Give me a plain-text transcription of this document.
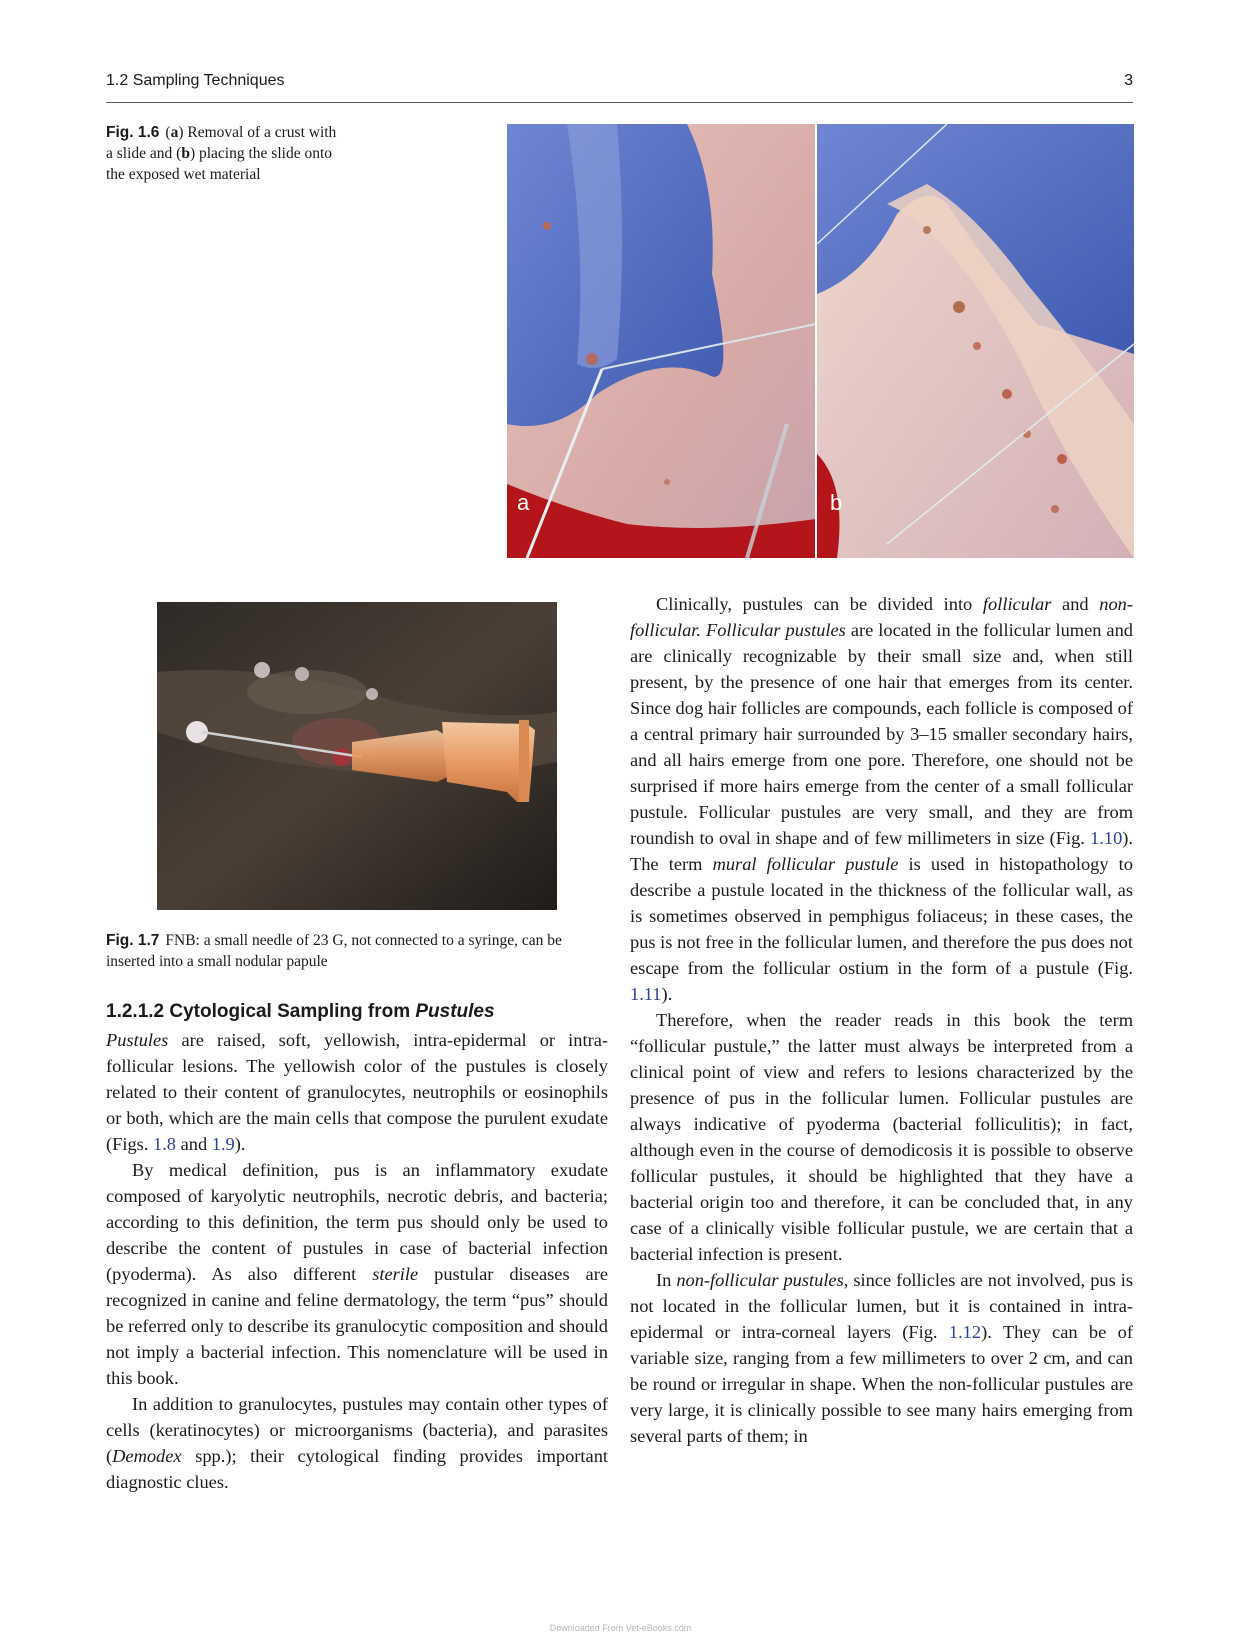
1.2 Sampling Techniques	3
Fig. 1.6 (a) Removal of a crust with a slide and (b) placing the slide onto the exposed wet material
a	b
Fig. 1.7 FNB: a small needle of 23 G, not connected to a syringe, can be inserted into a small nodular papule
1.2.1.2 Cytological Sampling from Pustules

Pustules are raised, soft, yellowish, intra-epidermal or intra-follicular lesions. The yellowish color of the pustules is closely related to their content of granulocytes, neutrophils or eosinophils or both, which are the main cells that compose the purulent exudate (Figs. 1.8 and 1.9).

By medical definition, pus is an inflammatory exudate composed of karyolytic neutrophils, necrotic debris, and bacteria; according to this definition, the term pus should only be used to describe the content of pustules in case of bacterial infection (pyoderma). As also different sterile pustular diseases are recognized in canine and feline dermatology, the term “pus” should be referred only to describe its granulocytic composition and should not imply a bacterial infection. This nomenclature will be used in this book.

In addition to granulocytes, pustules may contain other types of cells (keratinocytes) or microorganisms (bacteria), and parasites (Demodex spp.); their cytological finding provides important diagnostic clues.

Clinically, pustules can be divided into follicular and non-follicular. Follicular pustules are located in the follicular lumen and are clinically recognizable by their small size and, when still present, by the presence of one hair that emerges from its center. Since dog hair follicles are compounds, each follicle is composed of a central primary hair surrounded by 3–15 smaller secondary hairs, and all hairs emerge from one pore. Therefore, one should not be surprised if more hairs emerge from the center of a small follicular pustule. Follicular pustules are very small, and they are from roundish to oval in shape and of few millimeters in size (Fig. 1.10). The term mural follicular pustule is used in histopathology to describe a pustule located in the thickness of the follicular wall, as is sometimes observed in pemphigus foliaceus; in these cases, the pus is not free in the follicular lumen, and therefore the pus does not escape from the follicular ostium in the form of a pustule (Fig. 1.11).

Therefore, when the reader reads in this book the term “follicular pustule,” the latter must always be interpreted from a clinical point of view and refers to lesions characterized by the presence of pus in the follicular lumen. Follicular pustules are always indicative of pyoderma (bacterial folliculitis); in fact, although even in the course of demodicosis it is possible to observe follicular pustules, it should be highlighted that they have a bacterial origin too and therefore, it can be concluded that, in any case of a clinically visible follicular pustule, we are certain that a bacterial infection is present.

In non-follicular pustules, since follicles are not involved, pus is not located in the follicular lumen, but it is contained in intra-epidermal or intra-corneal layers (Fig. 1.12). They can be of variable size, ranging from a few millimeters to over 2 cm, and can be round or irregular in shape. When the non-follicular pustules are very large, it is clinically possible to see many hairs emerging from several parts of them; in

Downloaded From Vet-eBooks.com
